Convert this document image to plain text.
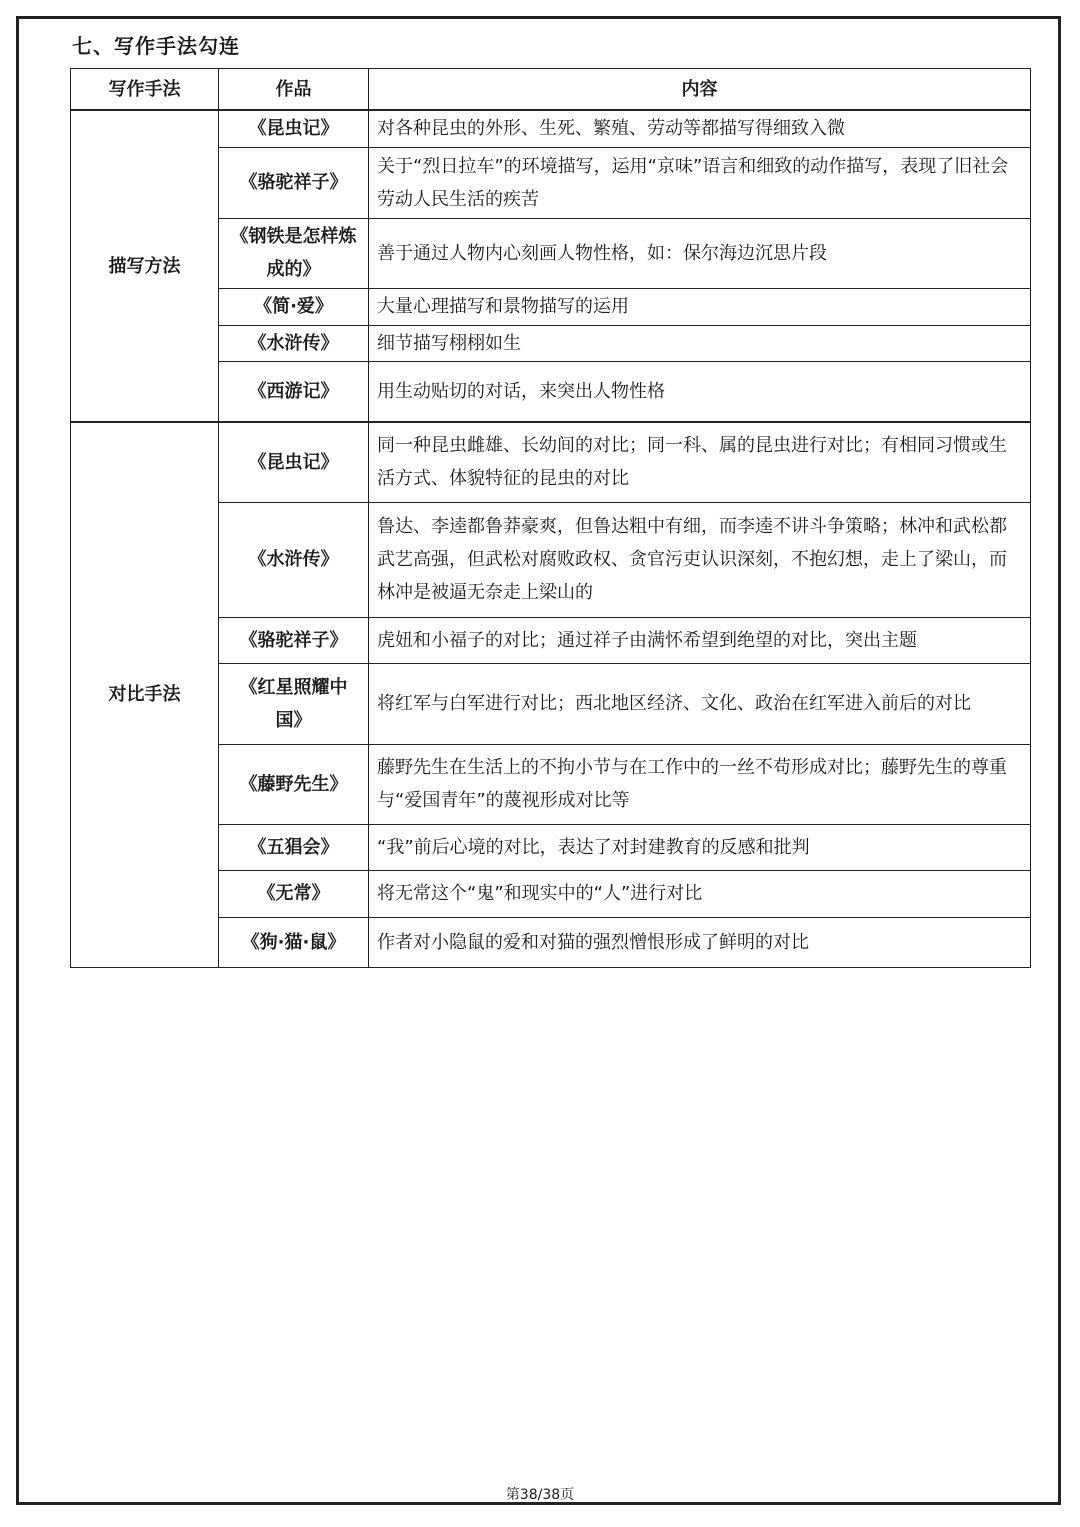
七、写作手法勾连
写作手法	作品	内容
描写方法	《昆虫记》	对各种昆虫的外形、生死、繁殖、劳动等都描写得细致入微
	《骆驼祥子》	关于“烈日拉车”的环境描写，运用“京味”语言和细致的动作描写，表现了旧社会劳动人民生活的疾苦
	《钢铁是怎样炼成的》	善于通过人物内心刻画人物性格，如：保尔海边沉思片段
	《简·爱》	大量心理描写和景物描写的运用
	《水浒传》	细节描写栩栩如生
	《西游记》	用生动贴切的对话，来突出人物性格
对比手法	《昆虫记》	同一种昆虫雌雄、长幼间的对比；同一科、属的昆虫进行对比；有相同习惯或生活方式、体貌特征的昆虫的对比
	《水浒传》	鲁达、李逵都鲁莽豪爽，但鲁达粗中有细，而李逵不讲斗争策略；林冲和武松都武艺高强，但武松对腐败政权、贪官污吏认识深刻，不抱幻想，走上了梁山，而林冲是被逼无奈走上梁山的
	《骆驼祥子》	虎妞和小福子的对比；通过祥子由满怀希望到绝望的对比，突出主题
	《红星照耀中国》	将红军与白军进行对比；西北地区经济、文化、政治在红军进入前后的对比
	《藤野先生》	藤野先生在生活上的不拘小节与在工作中的一丝不苟形成对比；藤野先生的尊重与“爱国青年”的蔑视形成对比等
	《五猖会》	“我”前后心境的对比，表达了对封建教育的反感和批判
	《无常》	将无常这个“鬼”和现实中的“人”进行对比
	《狗·猫·鼠》	作者对小隐鼠的爱和对猫的强烈憎恨形成了鲜明的对比
第38/38页
